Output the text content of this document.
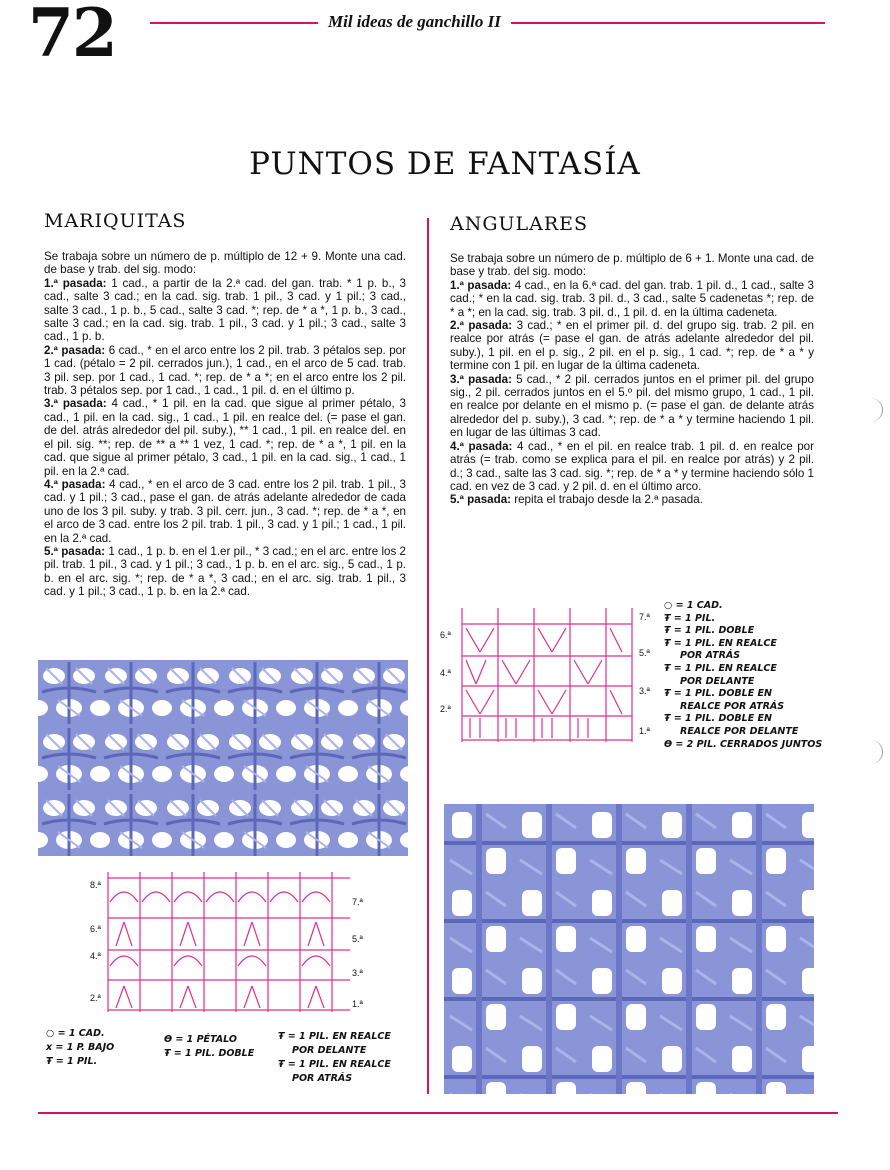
72	Mil ideas de ganchillo II
PUNTOS DE FANTASÍA
MARIQUITAS

Se trabaja sobre un número de p. múltiplo de 12 + 9. Monte una cad. de base y trab. del sig. modo:

1.ª pasada: 1 cad., a partir de la 2.ª cad. del gan. trab. * 1 p. b., 3 cad., salte 3 cad.; en la cad. sig. trab. 1 pil., 3 cad. y 1 pil.; 3 cad., salte 3 cad., 1 p. b., 5 cad., salte 3 cad. *; rep. de * a *, 1 p. b., 3 cad., salte 3 cad.; en la cad. sig. trab. 1 pil., 3 cad. y 1 pil.; 3 cad., salte 3 cad., 1 p. b.

2.ª pasada: 6 cad., * en el arco entre los 2 pil. trab. 3 pétalos sep. por 1 cad. (pétalo = 2 pil. cerrados jun.), 1 cad., en el arco de 5 cad. trab. 3 pil. sep. por 1 cad., 1 cad. *; rep. de * a *; en el arco entre los 2 pil. trab. 3 pétalos sep. por 1 cad., 1 cad., 1 pil. d. en el último p.

3.ª pasada: 4 cad., * 1 pil. en la cad. que sigue al primer pétalo, 3 cad., 1 pil. en la cad. sig., 1 cad., 1 pil. en realce del. (= pase el gan. de del. atrás alrededor del pil. suby.), ** 1 cad., 1 pil. en realce del. en el pil. sig. **; rep. de ** a ** 1 vez, 1 cad. *; rep. de * a *, 1 pil. en la cad. que sigue al primer pétalo, 3 cad., 1 pil. en la cad. sig., 1 cad., 1 pil. en la 2.ª cad.

4.ª pasada: 4 cad., * en el arco de 3 cad. entre los 2 pil. trab. 1 pil., 3 cad. y 1 pil.; 3 cad., pase el gan. de atrás adelante alrededor de cada uno de los 3 pil. suby. y trab. 3 pil. cerr. jun., 3 cad. *; rep. de * a *, en el arco de 3 cad. entre los 2 pil. trab. 1 pil., 3 cad. y 1 pil.; 1 cad., 1 pil. en la 2.ª cad.

5.ª pasada: 1 cad., 1 p. b. en el 1.er pil., * 3 cad.; en el arc. entre los 2 pil. trab. 1 pil., 3 cad. y 1 pil.; 3 cad., 1 p. b. en el arc. sig., 5 cad., 1 p. b. en el arc. sig. *; rep. de * a *, 3 cad.; en el arc. sig. trab. 1 pil., 3 cad. y 1 pil.; 3 cad., 1 p. b. en la 2.ª cad.

8.ª
6.ª
4.ª
2.ª
7.ª
5.ª
3.ª
1.ª
○ = 1 CAD.
x = 1 P. BAJO
Ŧ = 1 PIL.
Ѳ = 1 PÉTALO
Ŧ = 1 PIL. DOBLE
Ŧ = 1 PIL. EN REALCE
POR DELANTE
Ŧ = 1 PIL. EN REALCE
POR ATRÁS
ANGULARES

Se trabaja sobre un número de p. múltiplo de 6 + 1. Monte una cad. de base y trab. del sig. modo:

1.ª pasada: 4 cad., en la 6.ª cad. del gan. trab. 1 pil. d., 1 cad., salte 3 cad.; * en la cad. sig. trab. 3 pil. d., 3 cad., salte 5 cadenetas *; rep. de * a *; en la cad. sig. trab. 3 pil. d., 1 pil. d. en la última cadeneta.

2.ª pasada: 3 cad.; * en el primer pil. d. del grupo sig. trab. 2 pil. en realce por atrás (= pase el gan. de atrás adelante alrededor del pil. suby.), 1 pil. en el p. sig., 2 pil. en el p. sig., 1 cad. *; rep. de * a * y termine con 1 pil. en lugar de la última cadeneta.

3.ª pasada: 5 cad., * 2 pil. cerrados juntos en el primer pil. del grupo sig., 2 pil. cerrados juntos en el 5.º pil. del mismo grupo, 1 cad., 1 pil. en realce por delante en el mismo p. (= pase el gan. de delante atrás alrededor del p. suby.), 3 cad. *; rep. de * a * y termine haciendo 1 pil. en lugar de las últimas 3 cad.

4.ª pasada: 4 cad., * en el pil. en realce trab. 1 pil. d. en realce por atrás (= trab. como se explica para el pil. en realce por atrás) y 2 pil. d.; 3 cad., salte las 3 cad. sig. *; rep. de * a * y termine haciendo sólo 1 cad. en vez de 3 cad. y 2 pil. d. en el último arco.

5.ª pasada: repita el trabajo desde la 2.ª pasada.

6.ª
4.ª
2.ª
7.ª
5.ª
3.ª
1.ª
○ = 1 CAD.
Ŧ = 1 PIL.
Ŧ = 1 PIL. DOBLE
Ŧ = 1 PIL. EN REALCE
POR ATRÁS
Ŧ = 1 PIL. EN REALCE
POR DELANTE
Ŧ = 1 PIL. DOBLE EN
REALCE POR ATRÁS
Ŧ = 1 PIL. DOBLE EN
REALCE POR DELANTE
Ѳ = 2 PIL. CERRADOS JUNTOS
